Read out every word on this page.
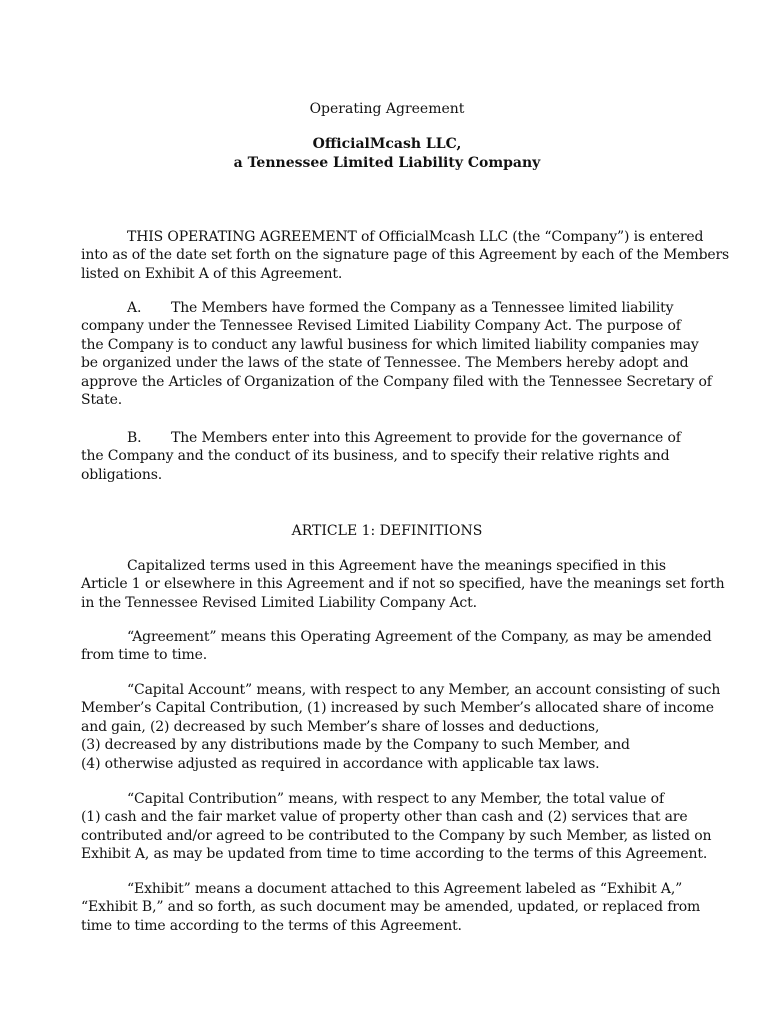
Operating Agreement
OfficialMcash LLC,
a Tennessee Limited Liability Company
THIS OPERATING AGREEMENT of OfficialMcash LLC (the “Company”) is entered
into as of the date set forth on the signature page of this Agreement by each of the Members
listed on Exhibit A of this Agreement.
A. The Members have formed the Company as a Tennessee limited liability
company under the Tennessee Revised Limited Liability Company Act. The purpose of
the Company is to conduct any lawful business for which limited liability companies may
be organized under the laws of the state of Tennessee. The Members hereby adopt and
approve the Articles of Organization of the Company filed with the Tennessee Secretary of
State.
B. The Members enter into this Agreement to provide for the governance of
the Company and the conduct of its business, and to specify their relative rights and
obligations.
ARTICLE 1: DEFINITIONS
Capitalized terms used in this Agreement have the meanings specified in this
Article 1 or elsewhere in this Agreement and if not so specified, have the meanings set forth
in the Tennessee Revised Limited Liability Company Act.
“Agreement” means this Operating Agreement of the Company, as may be amended
from time to time.
“Capital Account” means, with respect to any Member, an account consisting of such
Member’s Capital Contribution, (1) increased by such Member’s allocated share of income
and gain, (2) decreased by such Member’s share of losses and deductions,
(3) decreased by any distributions made by the Company to such Member, and
(4) otherwise adjusted as required in accordance with applicable tax laws.
“Capital Contribution” means, with respect to any Member, the total value of
(1) cash and the fair market value of property other than cash and (2) services that are
contributed and/or agreed to be contributed to the Company by such Member, as listed on
Exhibit A, as may be updated from time to time according to the terms of this Agreement.
“Exhibit” means a document attached to this Agreement labeled as “Exhibit A,”
“Exhibit B,” and so forth, as such document may be amended, updated, or replaced from
time to time according to the terms of this Agreement.
